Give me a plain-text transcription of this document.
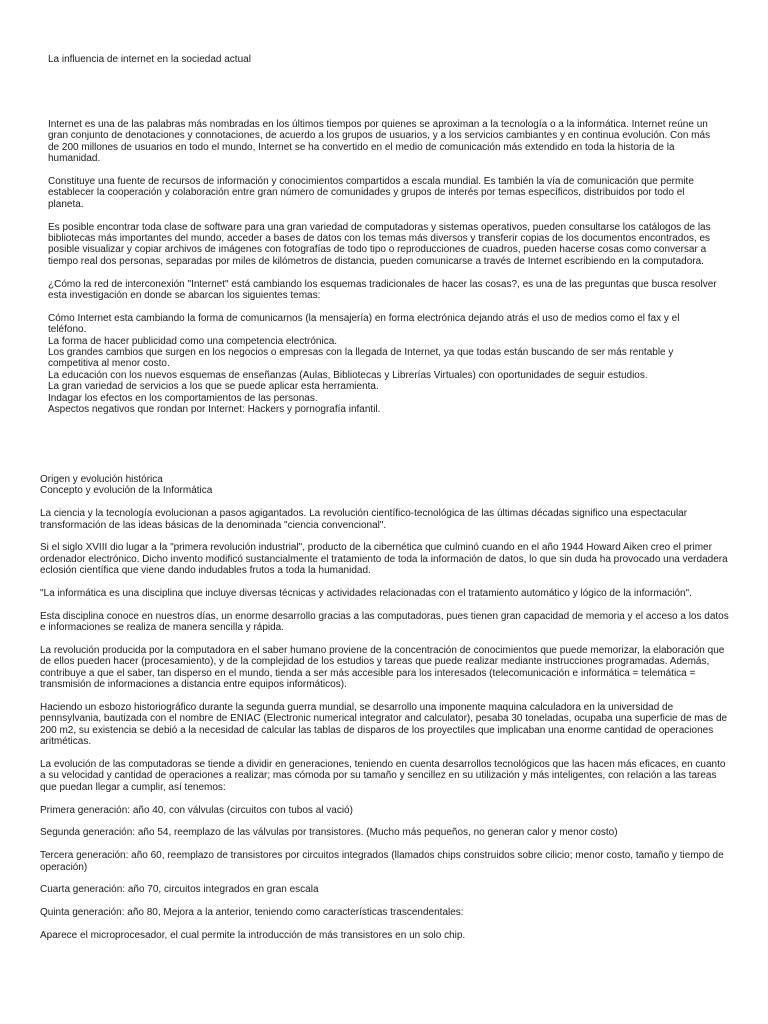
La influencia de internet en la sociedad actual

Internet es una de las palabras más nombradas en los últimos tiempos por quienes se aproximan a la tecnología o a la informática. Internet reúne un gran conjunto de denotaciones y connotaciones, de acuerdo a los grupos de usuarios, y a los servicios cambiantes y en continua evolución. Con más de 200 millones de usuarios en todo el mundo, Internet se ha convertido en el medio de comunicación más extendido en toda la historia de la humanidad.

Constituye una fuente de recursos de información y conocimientos compartidos a escala mundial. Es también la vía de comunicación que permite establecer la cooperación y colaboración entre gran número de comunidades y grupos de interés por temas específicos, distribuidos por todo el planeta.

Es posible encontrar toda clase de software para una gran variedad de computadoras y sistemas operativos, pueden consultarse los catálogos de las bibliotecas más importantes del mundo, acceder a bases de datos con los temas más diversos y transferir copias de los documentos encontrados, es posible visualizar y copiar archivos de imágenes con fotografías de todo tipo o reproducciones de cuadros, pueden hacerse cosas como conversar a tiempo real dos personas, separadas por miles de kilómetros de distancia, pueden comunicarse a través de Internet escribiendo en la computadora.

¿Cómo la red de interconexión "Internet" está cambiando los esquemas tradicionales de hacer las cosas?, es una de las preguntas que busca resolver esta investigación en donde se abarcan los siguientes temas:

Cómo Internet esta cambiando la forma de comunicarnos (la mensajería) en forma electrónica dejando atrás el uso de medios como el fax y el teléfono.
La forma de hacer publicidad como una competencia electrónica.
Los grandes cambios que surgen en los negocios o empresas con la llegada de Internet, ya que todas están buscando de ser más rentable y competitiva al menor costo.
La educación con los nuevos esquemas de enseñanzas (Aulas, Bibliotecas y Librerías Virtuales) con oportunidades de seguir estudios.
La gran variedad de servicios a los que se puede aplicar esta herramienta.
Indagar los efectos en los comportamientos de las personas.
Aspectos negativos que rondan por Internet: Hackers y pornografía infantil.
Origen y evolución histórica
Concepto y evolución de la Informática

La ciencia y la tecnología evolucionan a pasos agigantados. La revolución científico-tecnológica de las últimas décadas significo una espectacular transformación de las ideas básicas de la denominada "ciencia convencional".

Si el siglo XVIII dio lugar a la "primera revolución industrial", producto de la cibernética que culminó cuando en el año 1944 Howard Aiken creo el primer ordenador electrónico. Dicho invento modificó sustancialmente el tratamiento de toda la información de datos, lo que sin duda ha provocado una verdadera eclosión científica que viene dando indudables frutos a toda la humanidad.

"La informática es una disciplina que incluye diversas técnicas y actividades relacionadas con el tratamiento automático y lógico de la información".

Esta disciplina conoce en nuestros días, un enorme desarrollo gracias a las computadoras, pues tienen gran capacidad de memoria y el acceso a los datos e informaciones se realiza de manera sencilla y rápida.

La revolución producida por la computadora en el saber humano proviene de la concentración de conocimientos que puede memorizar, la elaboración que de ellos pueden hacer (procesamiento), y de la complejidad de los estudios y tareas que puede realizar mediante instrucciones programadas. Además, contribuye a que el saber, tan disperso en el mundo, tienda a ser más accesible para los interesados (telecomunicación e informática = telemática = transmisión de informaciones a distancia entre equipos informáticos).

Haciendo un esbozo historiográfico durante la segunda guerra mundial, se desarrollo una imponente maquina calculadora en la universidad de pennsylvania, bautizada con el nombre de ENIAC (Electronic numerical integrator and calculator), pesaba 30 toneladas, ocupaba una superficie de mas de 200 m2, su existencia se debió a la necesidad de calcular las tablas de disparos de los proyectiles que implicaban una enorme cantidad de operaciones aritméticas.

La evolución de las computadoras se tiende a dividir en generaciones, teniendo en cuenta desarrollos tecnológicos que las hacen más eficaces, en cuanto a su velocidad y cantidad de operaciones a realizar; mas cómoda por su tamaño y sencillez en su utilización y más inteligentes, con relación a las tareas que puedan llegar a cumplir, así tenemos:

Primera generación: año 40, con válvulas (circuitos con tubos al vació)

Segunda generación: año 54, reemplazo de las válvulas por transistores. (Mucho más pequeños, no generan calor y menor costo)

Tercera generación: año 60, reemplazo de transistores por circuitos integrados (llamados chips construidos sobre cilicio; menor costo, tamaño y tiempo de operación)

Cuarta generación: año 70, circuitos integrados en gran escala

Quinta generación: año 80, Mejora a la anterior, teniendo como características trascendentales:

Aparece el microprocesador, el cual permite la introducción de más transistores en un solo chip.
